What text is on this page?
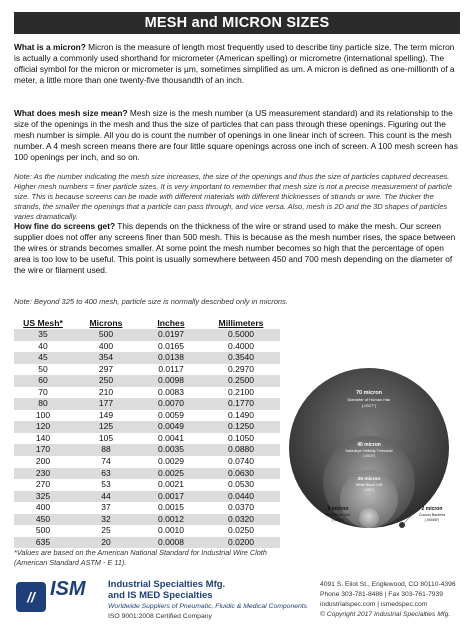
MESH and MICRON SIZES
What is a micron? Micron is the measure of length most frequently used to describe tiny particle size. The term micron is actually a commonly used shorthand for micrometer (American spelling) or micrometre (international spelling). The official symbol for the micron or micrometer is µm, sometimes simplified as um. A micron is defined as one-millionth of a meter, a little more than one twenty-five thousandth of an inch.
What does mesh size mean? Mesh size is the mesh number (a US measurement standard) and its relationship to the size of the openings in the mesh and thus the size of particles that can pass through these openings. Figuring out the mesh number is simple. All you do is count the number of openings in one linear inch of screen. This count is the mesh number. A 4 mesh screen means there are four little square openings across one inch of screen. A 100 mesh screen has 100 openings per inch, and so on.
Note: As the number indicating the mesh size increases, the size of the openings and thus the size of particles captured decreases. Higher mesh numbers = finer particle sizes. It is very important to remember that mesh size is not a precise measurement of particle size. This is because screens can be made with different materials with different thicknesses of strands or wire. The thicker the strands, the smaller the openings that a particle can pass through, and vice versa. Also, mesh is 2D and the 3D shapes of particles varies dramatically.
How fine do screens get? This depends on the thickness of the wire or strand used to make the mesh. Our screen supplier does not offer any screens finer than 500 mesh. This is because as the mesh number rises, the space between the wires or strands becomes smaller. At some point the mesh number becomes so high that the percentage of open area is too low to be useful. This point is usually somewhere between 450 and 700 mesh depending on the diameter of the wire or filament used.
Note: Beyond 325 to 400 mesh, particle size is normally described only in microns.
US Mesh*	Microns	Inches	Millimeters
35	500	0.0197	0.5000
40	400	0.0165	0.4000
45	354	0.0138	0.3540
50	297	0.0117	0.2970
60	250	0.0098	0.2500
70	210	0.0083	0.2100
80	177	0.0070	0.1770
100	149	0.0059	0.1490
120	125	0.0049	0.1250
140	105	0.0041	0.1050
170	88	0.0035	0.0880
200	74	0.0029	0.0740
230	63	0.0025	0.0630
270	53	0.0021	0.0530
325	44	0.0017	0.0440
400	37	0.0015	0.0370
450	32	0.0012	0.0320
500	25	0.0010	0.0250
635	20	0.0008	0.0200
*Values are based on the American National Standard for Industrial Wire Cloth (American Standard ASTM - E 11).
70 micron
Diameter of Human Hair
(.0027")
40 micron
Nakedeye Visibility Threshold
(.0015")
25 micron
White Blood Cell
(.001")
8 micron
Red Blood Cell
(.0003")
2 micron
Coccus Bacteria
(.00008")
// ISM Industrial Specialties Mfg.
and IS MED Specialties
Worldwide Suppliers of Pneumatic, Fluidic & Medical Components
ISO 9001:2008 Certified Company
4091 S. Eliot St., Englewood, CO 80110-4396
Phone 303-781-8486 | Fax 303-761-7939
industrialspec.com | ismedspec.com
© Copyright 2017 Industrial Specialties Mfg.
